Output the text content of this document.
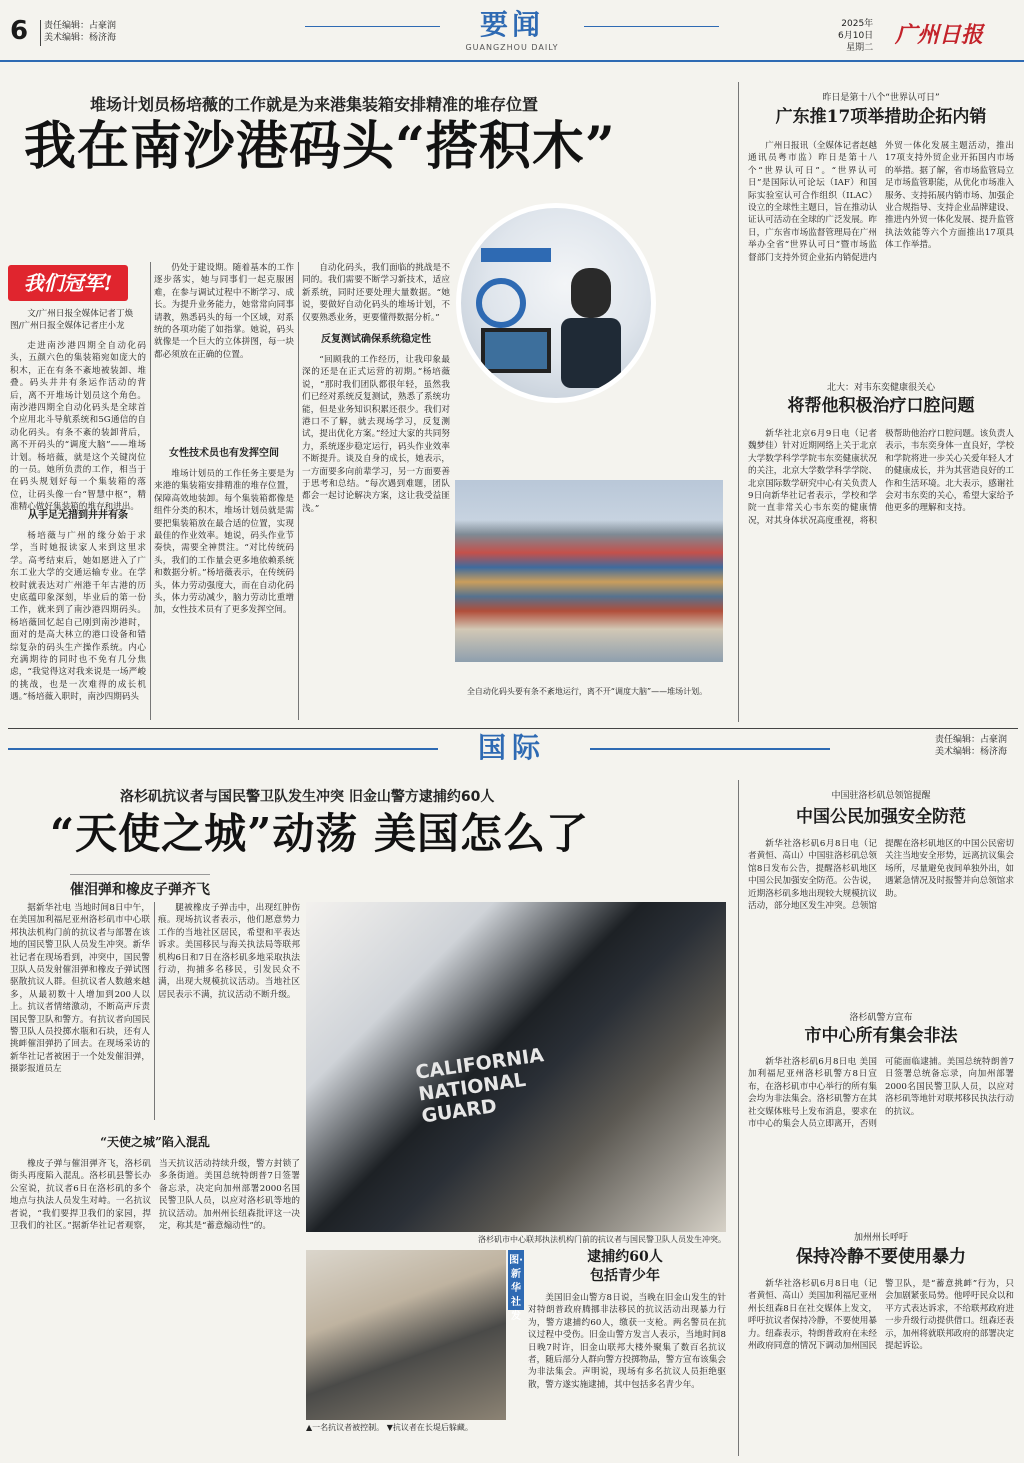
6 责任编辑：占豪润
美术编辑：杨济海	要闻
GUANGZHOU DAILY
2025年
6月10日
星期二 广州日报
堆场计划员杨培薇的工作就是为来港集装箱安排精准的堆存位置
我在南沙港码头“搭积木”
我们冠军!
文/广州日报全媒体记者丁焕 图/广州日报全媒体记者庄小龙
走进南沙港四期全自动化码头，五颜六色的集装箱宛如庞大的积木，正在有条不紊地被装卸、堆叠。码头井井有条运作活动的背后，离不开堆场计划员这个角色。南沙港四期全自动化码头是全球首个应用北斗导航系统和5G通信的自动化码头。有条不紊的装卸背后，离不开码头的“调度大脑”——堆场计划。杨培薇，就是这个关键岗位的一员。她所负责的工作，相当于在码头规划好每一个集装箱的落位，让码头像一台“智慧中枢”，精准精心做好集装箱的堆存和进出。
从手足无措到井井有条
杨培薇与广州的缘分始于求学，当时她报读家人来到这里求学。高考结束后，她如愿进入了广东工业大学的交通运输专业。在学校时就表达对广州港千年古港的历史底蕴印象深刻，毕业后的第一份工作，就来到了南沙港四期码头。杨培薇回忆起自己刚到南沙港时，面对的是高大林立的港口设备和错综复杂的码头生产操作系统。内心充满期待的同时也不免有几分焦虑，“我觉得这对我来说是一场严峻的挑战，也是一次难得的成长机遇。”杨培薇入职时，南沙四期码头
仍处于建设期。随着基本的工作逐步落实，她与同事们一起克服困难，在参与调试过程中不断学习、成长。为提升业务能力，她常常向同事请教，熟悉码头的每一个区域，对系统的各项功能了如指掌。她说，码头就像是一个巨大的立体拼图，每一块都必须放在正确的位置。
女性技术员也有发挥空间
堆场计划员的工作任务主要是为来港的集装箱安排精准的堆存位置，保障高效地装卸。每个集装箱都像是组件分类的积木，堆场计划员就是需要把集装箱放在最合适的位置，实现最佳的作业效率。她说，码头作业节奏快，需要全神贯注。“对比传统码头，我们的工作量会更多地依赖系统和数据分析。”杨培薇表示，在传统码头，体力劳动强度大，而在自动化码头，体力劳动减少，脑力劳动比重增加，女性技术员有了更多发挥空间。
自动化码头，我们面临的挑战是不同的。我们需要不断学习新技术，适应新系统，同时还要处理大量数据。“她说，要做好自动化码头的堆场计划，不仅要熟悉业务，更要懂得数据分析。”
反复测试确保系统稳定性
“回顾我的工作经历，让我印象最深的还是在正式运营的初期。”杨培薇说，“那时我们团队都很年轻，虽然我们已经对系统反复测试，熟悉了系统功能，但是业务知识积累还很少。我们对港口不了解，就去现场学习，反复测试，提出优化方案。”经过大家的共同努力，系统逐步稳定运行，码头作业效率不断提升。谈及自身的成长，她表示，一方面要多向前辈学习，另一方面要善于思考和总结。“每次遇到难题，团队都会一起讨论解决方案，这让我受益匪浅。”
全自动化码头要有条不紊地运行，离不开“调度大脑”——堆场计划。
昨日是第十八个“世界认可日”
广东推17项举措助企拓内销
广州日报讯（全媒体记者赵越 通讯员粤市监）昨日是第十八个“世界认可日”。“世界认可日”是国际认可论坛（IAF）和国际实验室认可合作组织（ILAC）设立的全球性主题日，旨在推动认证认可活动在全球的广泛发展。昨日，广东省市场监督管理局在广州举办全省“世界认可日”暨市场监督部门支持外贸企业拓内销促进内外贸一体化发展主题活动，推出17项支持外贸企业开拓国内市场的举措。据了解，省市场监管局立足市场监管职能，从优化市场准入服务、支持拓展内销市场、加强企业合规指导、支持企业品牌建设、推进内外贸一体化发展、提升监管执法效能等六个方面推出17项具体工作举措。
北大：对韦东奕健康很关心
将帮他积极治疗口腔问题
新华社北京6月9日电（记者魏梦佳）针对近期网络上关于北京大学数学科学学院韦东奕健康状况的关注，北京大学数学科学学院、北京国际数学研究中心有关负责人9日向新华社记者表示，学校和学院一直非常关心韦东奕的健康情况，对其身体状况高度重视，将积极帮助他治疗口腔问题。该负责人表示，韦东奕身体一直良好，学校和学院将进一步关心关爱年轻人才的健康成长，并为其营造良好的工作和生活环境。北大表示，感谢社会对韦东奕的关心，希望大家给予他更多的理解和支持。
国际	责任编辑：占豪润
美术编辑：杨济海
洛杉矶抗议者与国民警卫队发生冲突 旧金山警方逮捕约60人
“天使之城”动荡 美国怎么了
催泪弹和橡皮子弹齐飞
据新华社电 当地时间8日中午，在美国加利福尼亚州洛杉矶市中心联邦执法机构门前的抗议者与部署在该地的国民警卫队人员发生冲突。新华社记者在现场看到，冲突中，国民警卫队人员发射催泪弹和橡皮子弹试图驱散抗议人群。但抗议者人数越来越多，从最初数十人增加到200人以上。抗议者情绪激动，不断高声斥责国民警卫队和警方。有抗议者向国民警卫队人员投掷水瓶和石块，还有人挑衅催泪弹扔了回去。在现场采访的新华社记者被困于一个处发催泪弹，摄影报道员左
“天使之城”陷入混乱
橡皮子弹与催泪弹齐飞，洛杉矶街头再度陷入混乱。洛杉矶县警长办公室说，抗议者6日在洛杉矶的多个地点与执法人员发生对峙。一名抗议者说，“我们要捍卫我们的家园，捍卫我们的社区。”据新华社记者观察，当天抗议活动持续升级，警方封锁了多条街道。美国总统特朗普7日签署备忘录，决定向加州部署2000名国民警卫队人员，以应对洛杉矶等地的抗议活动。加州州长纽森批评这一决定，称其是“蓄意煽动性”的。
腿被橡皮子弹击中，出现红肿伤痕。现场抗议者表示，他们愿意势力工作的当地社区居民，希望和平表达诉求。美国移民与海关执法局等联邦机构6日和7日在洛杉矶多地采取执法行动，拘捕多名移民，引发民众不满，出现大规模抗议活动。当地社区居民表示不满，抗议活动不断升级。
CALIFORNIA NATIONAL GUARD
洛杉矶市中心联邦执法机构门前的抗议者与国民警卫队人员发生冲突。
▲一名抗议者被控制。 ▼抗议者在长堤后躲藏。
图·新华社发
逮捕约60人
包括青少年
美国旧金山警方8日说，当晚在旧金山发生的针对特朗普政府腾挪非法移民的抗议活动出现暴力行为，警方逮捕约60人，缴获一支枪。两名警员在抗议过程中受伤。旧金山警方发言人表示，当地时间8日晚7时许，旧金山联邦大楼外聚集了数百名抗议者，随后部分人群向警方投掷物品，警方宣布该集会为非法集会。声明说，现场有多名抗议人员拒绝驱散，警方遂实施逮捕，其中包括多名青少年。
中国驻洛杉矶总领馆提醒
中国公民加强安全防范
新华社洛杉矶6月8日电（记者黄恒、高山）中国驻洛杉矶总领馆8日发布公告，提醒洛杉矶地区中国公民加强安全防范。公告说，近期洛杉矶多地出现较大规模抗议活动，部分地区发生冲突。总领馆提醒在洛杉矶地区的中国公民密切关注当地安全形势，远离抗议集会场所，尽量避免夜间单独外出，如遇紧急情况及时报警并向总领馆求助。
洛杉矶警方宣布
市中心所有集会非法
新华社洛杉矶6月8日电 美国加利福尼亚州洛杉矶警方8日宣布，在洛杉矶市中心举行的所有集会均为非法集会。洛杉矶警方在其社交媒体账号上发布消息，要求在市中心的集会人员立即离开，否则可能面临逮捕。美国总统特朗普7日签署总统备忘录，向加州部署2000名国民警卫队人员，以应对洛杉矶等地针对联邦移民执法行动的抗议。
加州州长呼吁
保持冷静不要使用暴力
新华社洛杉矶6月8日电（记者黄恒、高山）美国加利福尼亚州州长纽森8日在社交媒体上发文，呼吁抗议者保持冷静，不要使用暴力。纽森表示，特朗普政府在未经州政府同意的情况下调动加州国民警卫队，是“蓄意挑衅”行为，只会加剧紧张局势。他呼吁民众以和平方式表达诉求，不给联邦政府进一步升级行动提供借口。纽森还表示，加州将就联邦政府的部署决定提起诉讼。
